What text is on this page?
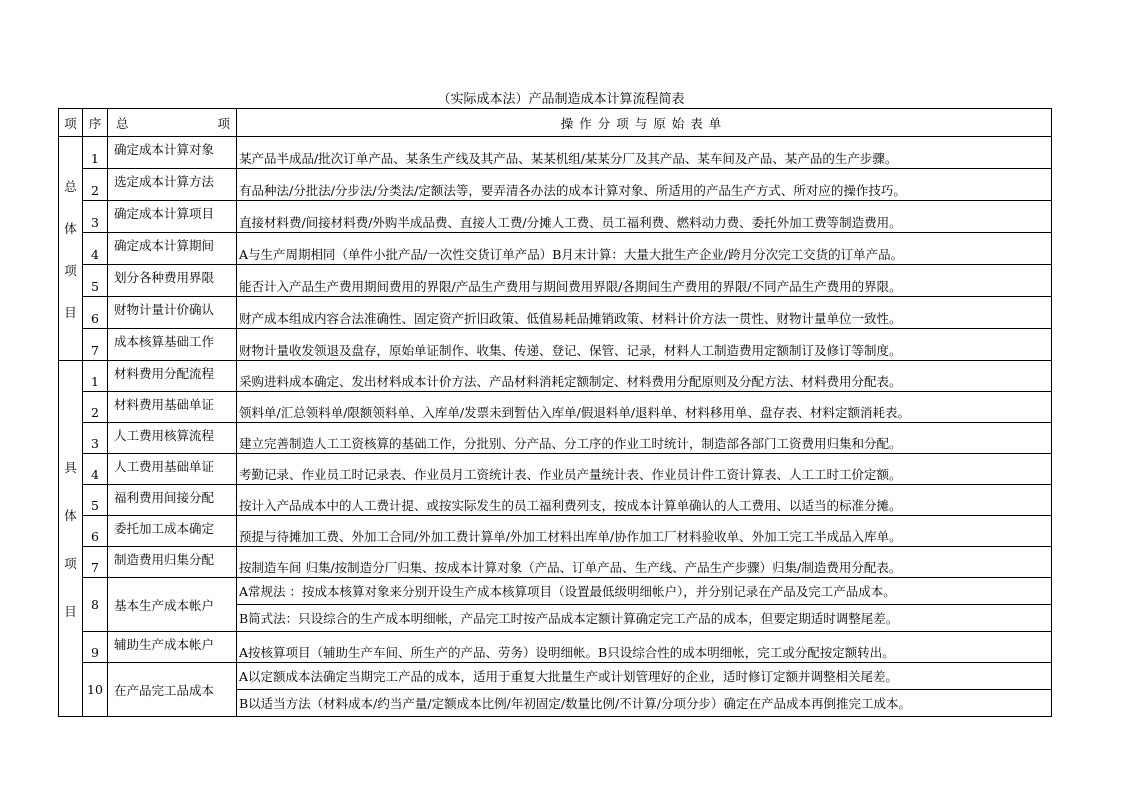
（实际成本法）产品制造成本计算流程简表
项	序	总 项	操作分项与原始表单

总
体
项
目	1	确定成本计算对象	某产品半成品/批次订单产品、某条生产线及其产品、某某机组/某某分厂及其产品、某车间及产品、某产品的生产步骤。
	2	选定成本计算方法	有品种法/分批法/分步法/分类法/定额法等，要弄清各办法的成本计算对象、所适用的产品生产方式、所对应的操作技巧。
	3	确定成本计算项目	直接材料费/间接材料费/外购半成品费、直接人工费/分摊人工费、员工福利费、燃料动力费、委托外加工费等制造费用。
	4	确定成本计算期间	A与生产周期相同（单件小批产品/一次性交货订单产品）B月末计算：大量大批生产企业/跨月分次完工交货的订单产品。
	5	划分各种费用界限	能否计入产品生产费用期间费用的界限/产品生产费用与期间费用界限/各期间生产费用的界限/不同产品生产费用的界限。
	6	财物计量计价确认	财产成本组成内容合法准确性、固定资产折旧政策、低值易耗品摊销政策、材料计价方法一贯性、财物计量单位一致性。
	7	成本核算基础工作	财物计量收发领退及盘存，原始单证制作、收集、传递、登记、保管、记录，材料人工制造费用定额制订及修订等制度。

具
体
项
目	1	材料费用分配流程	采购进料成本确定、发出材料成本计价方法、产品材料消耗定额制定、材料费用分配原则及分配方法、材料费用分配表。
	2	材料费用基础单证	领料单/汇总领料单/限额领料单、入库单/发票未到暂估入库单/假退料单/退料单、材料移用单、盘存表、材料定额消耗表。
	3	人工费用核算流程	建立完善制造人工工资核算的基础工作，分批别、分产品、分工序的作业工时统计，制造部各部门工资费用归集和分配。
	4	人工费用基础单证	考勤记录、作业员工时记录表、作业员月工资统计表、作业员产量统计表、作业员计件工资计算表、人工工时工价定额。
	5	福利费用间接分配	按计入产品成本中的人工费计提、或按实际发生的员工福利费列支，按成本计算单确认的人工费用、以适当的标准分摊。
	6	委托加工成本确定	预提与待摊加工费、外加工合同/外加工费计算单/外加工材料出库单/协作加工厂材料验收单、外加工完工半成品入库单。
	7	制造费用归集分配	按制造车间 归集/按制造分厂归集、按成本计算对象（产品、订单产品、生产线、产品生产步骤）归集/制造费用分配表。
	8	基本生产成本帐户	A常规法 ：按成本核算对象来分别开设生产成本核算项目（设置最低级明细帐户），并分别记录在产品及完工产品成本。
			B简式法：只设综合的生产成本明细帐，产品完工时按产品成本定额计算确定完工产品的成本，但要定期适时调整尾差。
	9	辅助生产成本帐户	A按核算项目（辅助生产车间、所生产的产品、劳务）设明细帐。B只设综合性的成本明细帐，完工或分配按定额转出。
	10	在产品完工品成本	A以定额成本法确定当期完工产品的成本，适用于重复大批量生产或计划管理好的企业，适时修订定额并调整相关尾差。
			B以适当方法（材料成本/约当产量/定额成本比例/年初固定/数量比例/不计算/分项分步）确定在产品成本再倒推完工成本。
